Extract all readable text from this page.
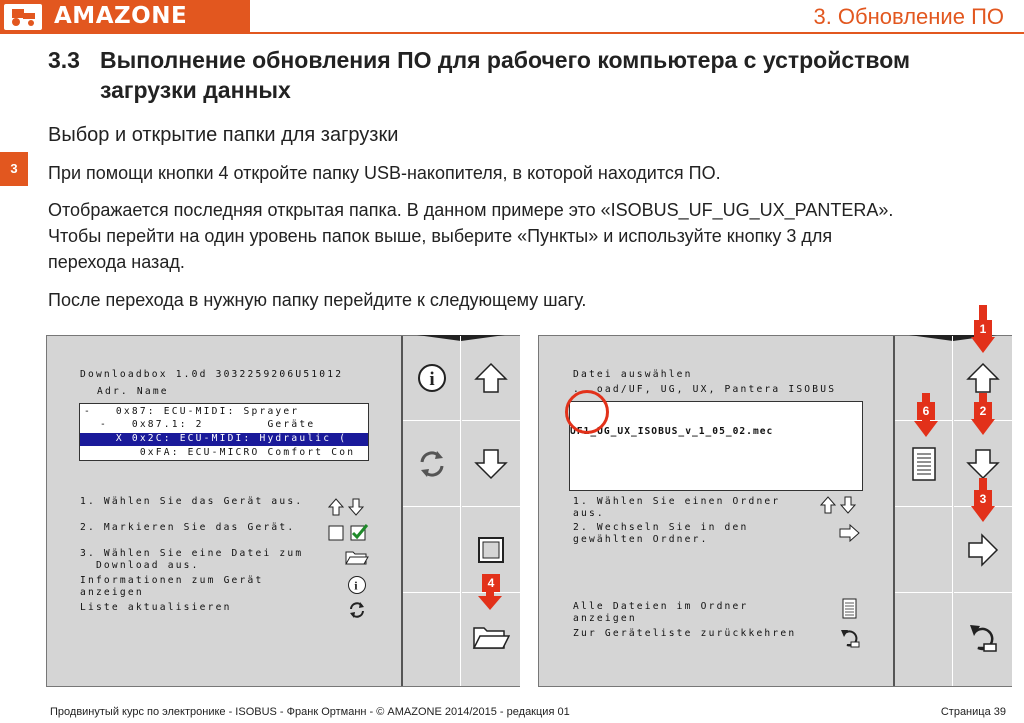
AMAZONE	3. Обновление ПО
3
3.3 Выполнение обновления ПО для рабочего компьютера с устройством загрузки данных
Выбор и открытие папки для загрузки
При помощи кнопки 4 откройте папку USB-накопителя, в которой находится ПО.
Отображается последняя открытая папка. В данном примере это «ISOBUS_UF_UG_UX_PANTERA». Чтобы перейти на один уровень папок выше, выберите «Пункты» и используйте кнопку 3 для перехода назад.
После перехода в нужную папку перейдите к следующему шагу.
Downloadbox 1.0d 3032259206U51012
Adr. Name
-   0x87: ECU-MIDI: Sprayer
-   0x87.1: 2        Geräte
X 0x2C: ECU-MIDI: Hydraulic (
0xFA: ECU-MICRO Comfort Con
1. Wählen Sie das Gerät aus.
2. Markieren Sie das Gerät.
3. Wählen Sie eine Datei zum
Download aus.
Informationen zum Gerät
anzeigen
Liste aktualisieren
i
i	Datei auswählen
...oad/UF, UG, UX, Pantera ISOBUS
...
UF1_UG_UX_ISOBUS_v_1_05_02.mec
1. Wählen Sie einen Ordner
aus.
2. Wechseln Sie in den
gewählten Ordner.
Alle Dateien im Ordner
anzeigen
Zur Geräteliste zurückkehren
4
1
2
3
6
Продвинутый курс по электронике - ISOBUS - Франк Ортманн - © AMAZONE 2014/2015 - редакция 01	Страница 39
